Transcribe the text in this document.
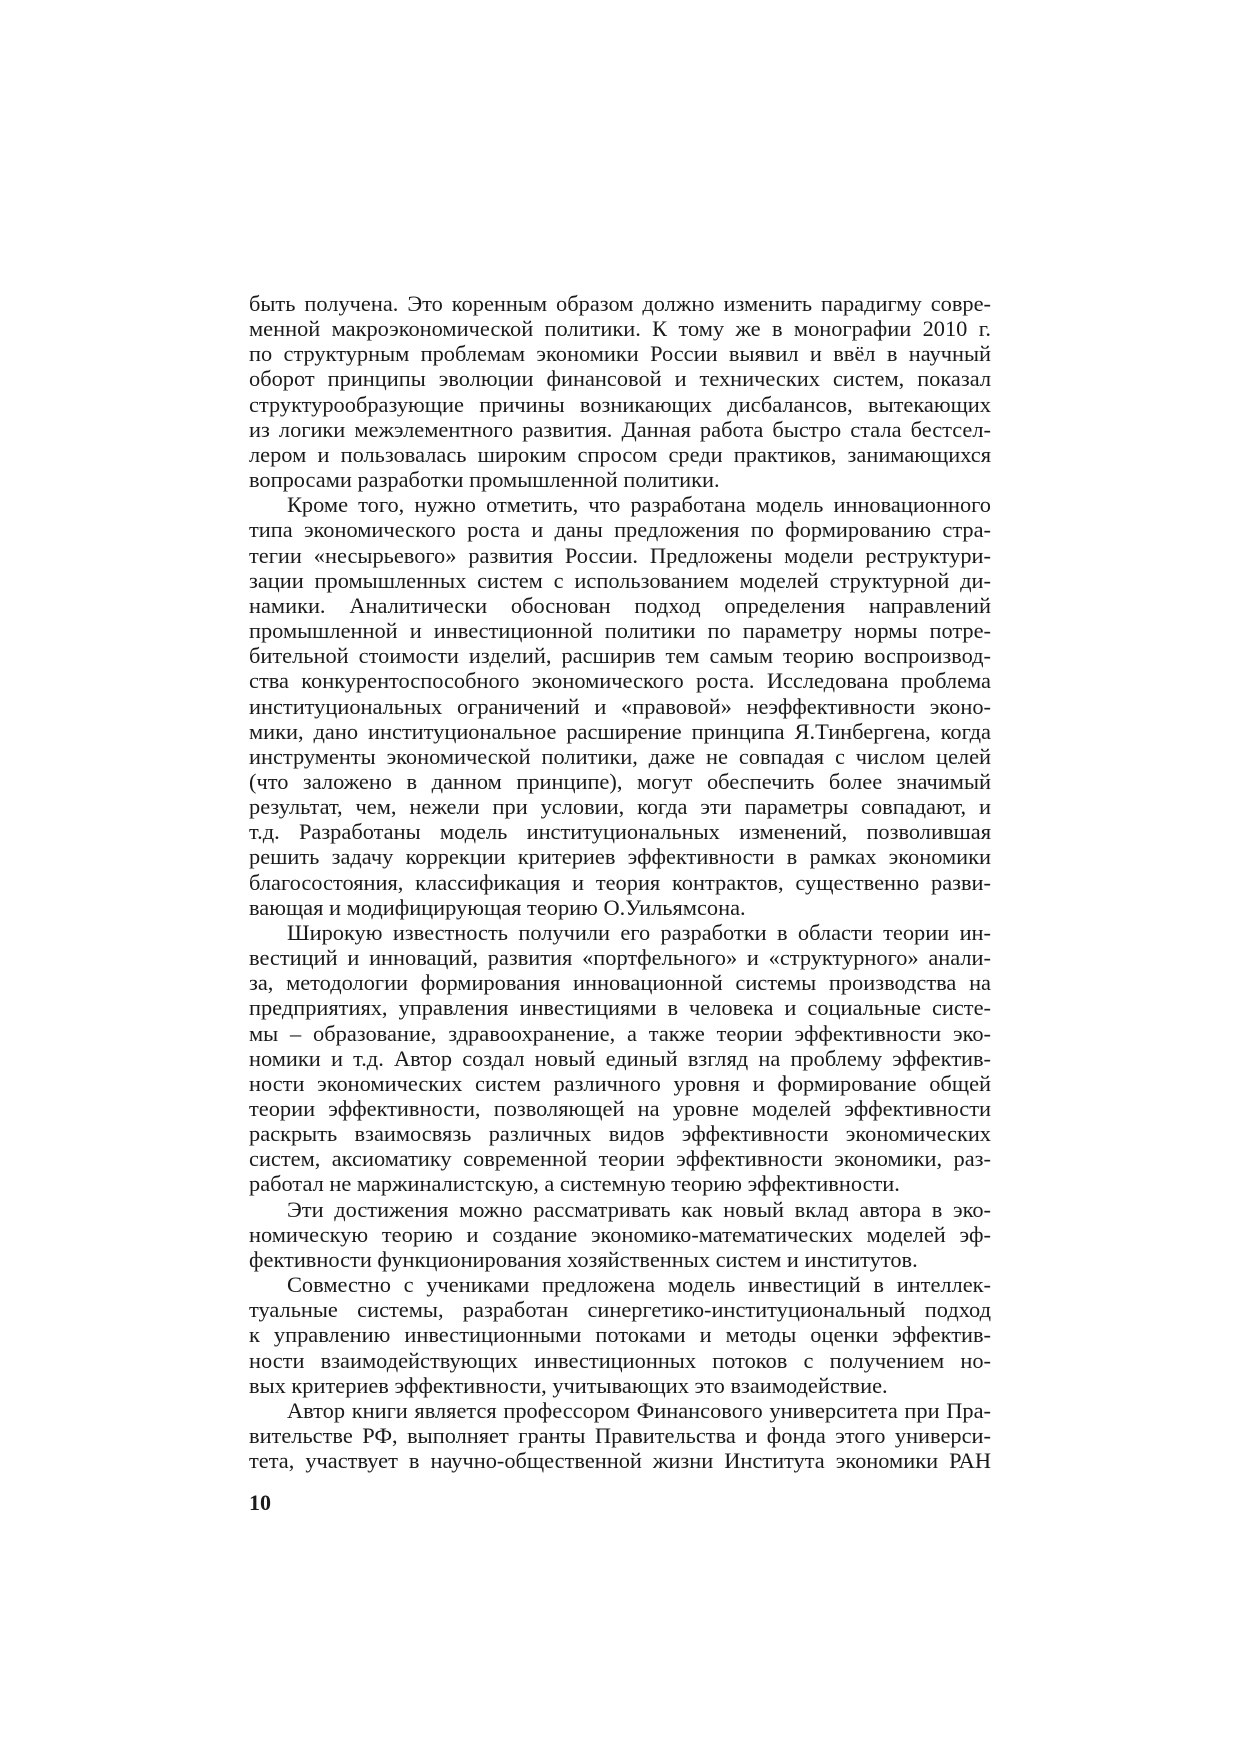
быть получена. Это коренным образом должно изменить парадигму совре-
менной макроэкономической политики. К тому же в монографии 2010 г.
по структурным проблемам экономики России выявил и ввёл в научный
оборот принципы эволюции финансовой и технических систем, показал
структурообразующие причины возникающих дисбалансов, вытекающих
из логики межэлементного развития. Данная работа быстро стала бестсел-
лером и пользовалась широким спросом среди практиков, занимающихся
вопросами разработки промышленной политики.
Кроме того, нужно отметить, что разработана модель инновационного
типа экономического роста и даны предложения по формированию стра-
тегии «несырьевого» развития России. Предложены модели реструктури-
зации промышленных систем с использованием моделей структурной ди-
намики. Аналитически обоснован подход определения направлений
промышленной и инвестиционной политики по параметру нормы потре-
бительной стоимости изделий, расширив тем самым теорию воспроизвод-
ства конкурентоспособного экономического роста. Исследована проблема
институциональных ограничений и «правовой» неэффективности эконо-
мики, дано институциональное расширение принципа Я.Тинбергена, когда
инструменты экономической политики, даже не совпадая с числом целей
(что заложено в данном принципе), могут обеспечить более значимый
результат, чем, нежели при условии, когда эти параметры совпадают, и
т.д. Разработаны модель институциональных изменений, позволившая
решить задачу коррекции критериев эффективности в рамках экономики
благосостояния, классификация и теория контрактов, существенно разви-
вающая и модифицирующая теорию О.Уильямсона.
Широкую известность получили его разработки в области теории ин-
вестиций и инноваций, развития «портфельного» и «структурного» анали-
за, методологии формирования инновационной системы производства на
предприятиях, управления инвестициями в человека и социальные систе-
мы – образование, здравоохранение, а также теории эффективности эко-
номики и т.д. Автор создал новый единый взгляд на проблему эффектив-
ности экономических систем различного уровня и формирование общей
теории эффективности, позволяющей на уровне моделей эффективности
раскрыть взаимосвязь различных видов эффективности экономических
систем, аксиоматику современной теории эффективности экономики, раз-
работал не маржиналистскую, а системную теорию эффективности.
Эти достижения можно рассматривать как новый вклад автора в эко-
номическую теорию и создание экономико-математических моделей эф-
фективности функционирования хозяйственных систем и институтов.
Совместно с учениками предложена модель инвестиций в интеллек-
туальные системы, разработан синергетико-институциональный подход
к управлению инвестиционными потоками и методы оценки эффектив-
ности взаимодействующих инвестиционных потоков с получением но-
вых критериев эффективности, учитывающих это взаимодействие.
Автор книги является профессором Финансового университета при Пра-
вительстве РФ, выполняет гранты Правительства и фонда этого универси-
тета, участвует в научно-общественной жизни Института экономики РАН
10
